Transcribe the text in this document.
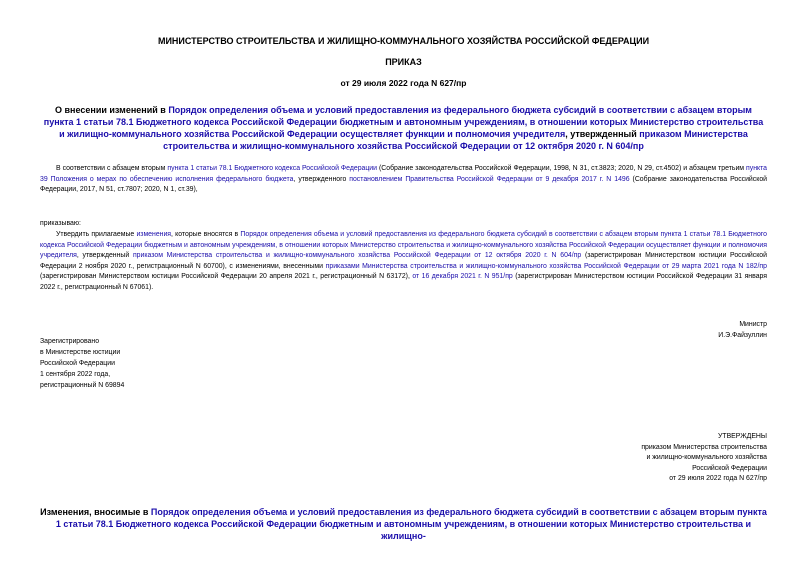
МИНИСТЕРСТВО СТРОИТЕЛЬСТВА И ЖИЛИЩНО-КОММУНАЛЬНОГО ХОЗЯЙСТВА РОССИЙСКОЙ ФЕДЕРАЦИИ
ПРИКАЗ
от 29 июля 2022 года N 627/пр
О внесении изменений в Порядок определения объема и условий предоставления из федерального бюджета субсидий в соответствии с абзацем вторым пункта 1 статьи 78.1 Бюджетного кодекса Российской Федерации бюджетным и автономным учреждениям, в отношении которых Министерство строительства и жилищно-коммунального хозяйства Российской Федерации осуществляет функции и полномочия учредителя, утвержденный приказом Министерства строительства и жилищно-коммунального хозяйства Российской Федерации от 12 октября 2020 г. N 604/пр
В соответствии с абзацем вторым пункта 1 статьи 78.1 Бюджетного кодекса Российской Федерации (Собрание законодательства Российской Федерации, 1998, N 31, ст.3823; 2020, N 29, ст.4502) и абзацем третьим пункта 39 Положения о мерах по обеспечению исполнения федерального бюджета, утвержденного постановлением Правительства Российской Федерации от 9 декабря 2017 г. N 1496 (Собрание законодательства Российской Федерации, 2017, N 51, ст.7807; 2020, N 1, ст.39),
приказываю:
Утвердить прилагаемые изменения, которые вносятся в Порядок определения объема и условий предоставления из федерального бюджета субсидий в соответствии с абзацем вторым пункта 1 статьи 78.1 Бюджетного кодекса Российской Федерации бюджетным и автономным учреждениям, в отношении которых Министерство строительства и жилищно-коммунального хозяйства Российской Федерации осуществляет функции и полномочия учредителя, утвержденный приказом Министерства строительства и жилищно-коммунального хозяйства Российской Федерации от 12 октября 2020 г. N 604/пр (зарегистрирован Министерством юстиции Российской Федерации 2 ноября 2020 г., регистрационный N 60700), с изменениями, внесенными приказами Министерства строительства и жилищно-коммунального хозяйства Российской Федерации от 29 марта 2021 года N 182/пр (зарегистрирован Министерством юстиции Российской Федерации 20 апреля 2021 г., регистрационный N 63172), от 16 декабря 2021 г. N 951/пр (зарегистрирован Министерством юстиции Российской Федерации 31 января 2022 г., регистрационный N 67061).
Министр
И.Э.Файзуллин
Зарегистрировано
в Министерстве юстиции
Российской Федерации
1 сентября 2022 года,
регистрационный N 69894
УТВЕРЖДЕНЫ
приказом Министерства строительства
и жилищно-коммунального хозяйства
Российской Федерации
от 29 июля 2022 года N 627/пр
Изменения, вносимые в Порядок определения объема и условий предоставления из федерального бюджета субсидий в соответствии с абзацем вторым пункта 1 статьи 78.1 Бюджетного кодекса Российской Федерации бюджетным и автономным учреждениям, в отношении которых Министерство строительства и жилищно-
